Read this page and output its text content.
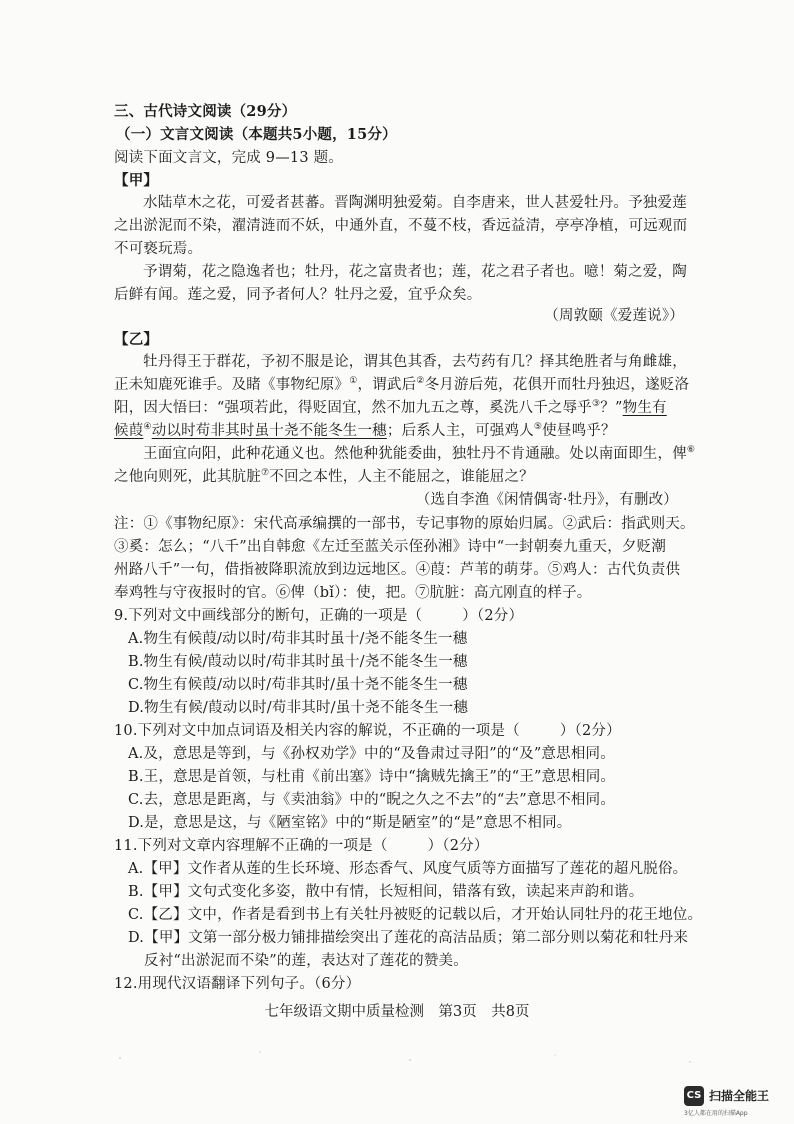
三、古代诗文阅读（29分）
（一）文言文阅读（本题共5小题，15分）
阅读下面文言文，完成 9—13 题。
【甲】
水陆草木之花，可爱者甚蕃。晋陶渊明独爱菊。自李唐来，世人甚爱牡丹。予独爱莲
之出淤泥而不染，濯清涟而不妖，中通外直，不蔓不枝，香远益清，亭亭净植，可远观而
不可亵玩焉。
予谓菊，花之隐逸者也；牡丹，花之富贵者也；莲，花之君子者也。噫！菊之爱，陶
后鲜有闻。莲之爱，同予者何人？牡丹之爱，宜乎众矣。
（周敦颐《爱莲说》）
【乙】
牡丹得王于群花，予初不服是论，谓其色其香，去芍药有几？择其绝胜者与角雌雄，
正未知鹿死谁手。及睹《事物纪原》①，谓武后②冬月游后苑，花俱开而牡丹独迟，遂贬洛
阳，因大悟曰：“强项若此，得贬固宜，然不加九五之尊，奚洗八千之辱乎③？”物生有
候葭④动以时苟非其时虽十尧不能冬生一穗；后系人主，可强鸡人⑤使昼鸣乎？
王面宜向阳，此种花通义也。然他种犹能委曲，独牡丹不肯通融。处以南面即生，俾⑥
之他向则死，此其肮脏⑦不回之本性，人主不能屈之，谁能屈之？
（选自李渔《闲情偶寄·牡丹》，有删改）
注：①《事物纪原》：宋代高承编撰的一部书，专记事物的原始归属。②武后：指武则天。
③奚：怎么；“八千”出自韩愈《左迁至蓝关示侄孙湘》诗中“一封朝奏九重天，夕贬潮
州路八千”一句，借指被降职流放到边远地区。④葭：芦苇的萌芽。⑤鸡人：古代负责供
奉鸡牲与守夜报时的官。⑥俾（bǐ）：使，把。⑦肮脏：高亢刚直的样子。
9.下列对文中画线部分的断句，正确的一项是（	）（2分）
A.物生有候葭/动以时/苟非其时虽十/尧不能冬生一穗
B.物生有候/葭动以时/苟非其时虽十/尧不能冬生一穗
C.物生有候葭/动以时/苟非其时/虽十尧不能冬生一穗
D.物生有候/葭动以时/苟非其时/虽十尧不能冬生一穗
10.下列对文中加点词语及相关内容的解说，不正确的一项是（	）（2分）
A.及，意思是等到，与《孙权劝学》中的“及鲁肃过寻阳”的“及”意思相同。
B.王，意思是首领，与杜甫《前出塞》诗中“擒贼先擒王”的“王”意思相同。
C.去，意思是距离，与《卖油翁》中的“睨之久之不去”的“去”意思不相同。
D.是，意思是这，与《陋室铭》中的“斯是陋室”的“是”意思不相同。
11.下列对文章内容理解不正确的一项是（	）（2分）
A.【甲】文作者从莲的生长环境、形态香气、风度气质等方面描写了莲花的超凡脱俗。
B.【甲】文句式变化多姿，散中有情，长短相间，错落有致，读起来声韵和谐。
C.【乙】文中，作者是看到书上有关牡丹被贬的记载以后，才开始认同牡丹的花王地位。
D.【甲】文第一部分极力铺排描绘突出了莲花的高洁品质；第二部分则以菊花和牡丹来
反衬“出淤泥而不染”的莲，表达对了莲花的赞美。
12.用现代汉语翻译下列句子。（6分）
七年级语文期中质量检测　第3页　共8页
CS 扫描全能王
3亿人都在用的扫描App
